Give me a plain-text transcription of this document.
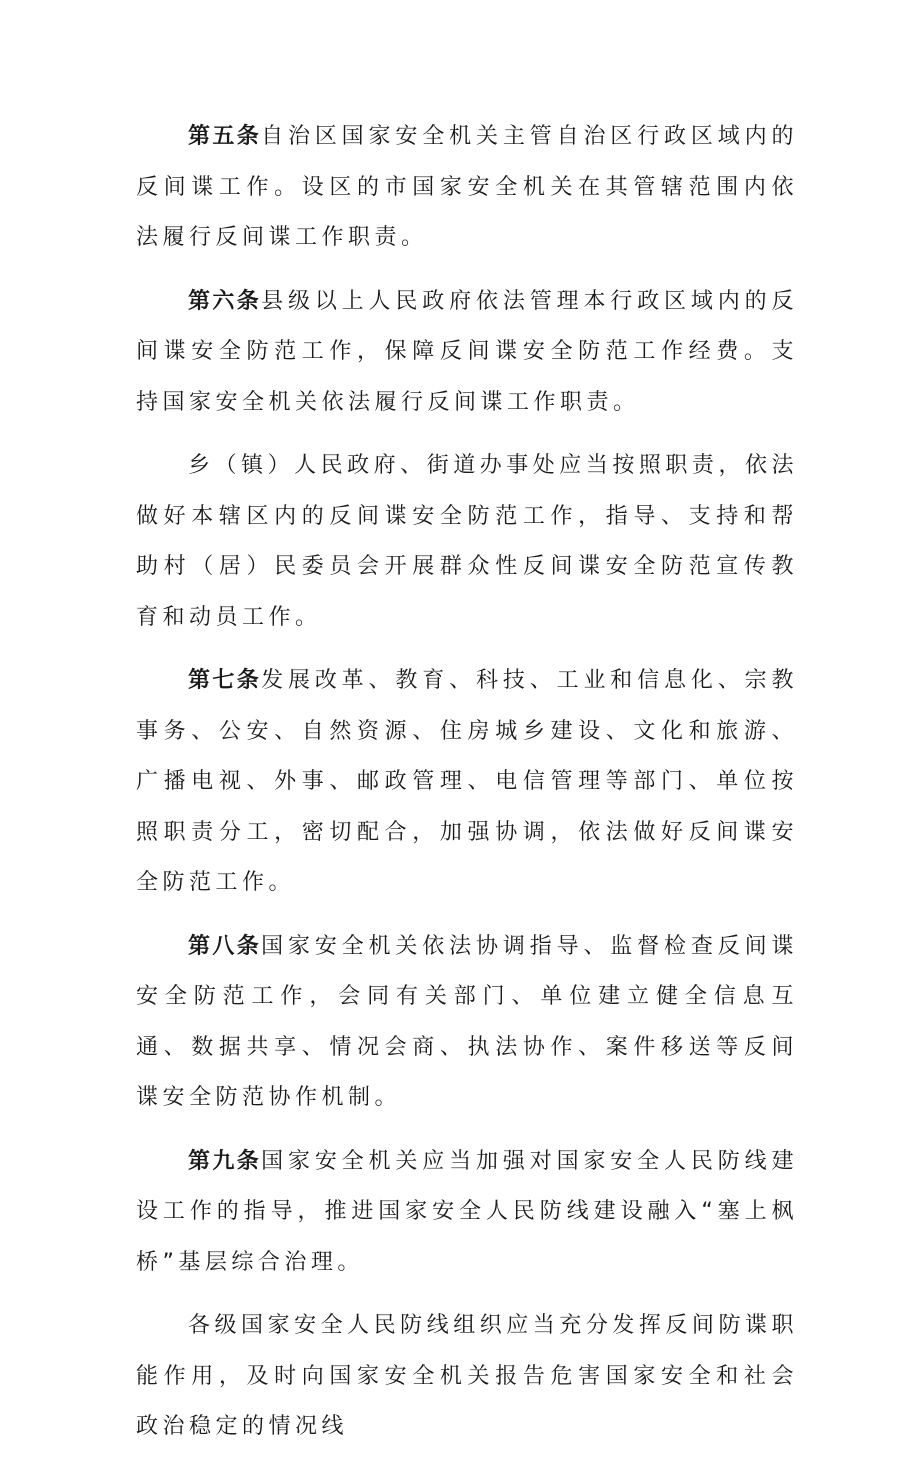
第五条自治区国家安全机关主管自治区行政区域内的反间谍工作。设区的市国家安全机关在其管辖范围内依法履行反间谍工作职责。

第六条县级以上人民政府依法管理本行政区域内的反间谍安全防范工作，保障反间谍安全防范工作经费。支持国家安全机关依法履行反间谍工作职责。

乡（镇）人民政府、街道办事处应当按照职责，依法做好本辖区内的反间谍安全防范工作，指导、支持和帮助村（居）民委员会开展群众性反间谍安全防范宣传教育和动员工作。

第七条发展改革、教育、科技、工业和信息化、宗教事务、公安、自然资源、住房城乡建设、文化和旅游、广播电视、外事、邮政管理、电信管理等部门、单位按照职责分工，密切配合，加强协调，依法做好反间谍安全防范工作。

第八条国家安全机关依法协调指导、监督检查反间谍安全防范工作，会同有关部门、单位建立健全信息互通、数据共享、情况会商、执法协作、案件移送等反间谍安全防范协作机制。

第九条国家安全机关应当加强对国家安全人民防线建设工作的指导，推进国家安全人民防线建设融入“塞上枫桥”基层综合治理。

各级国家安全人民防线组织应当充分发挥反间防谍职能作用，及时向国家安全机关报告危害国家安全和社会政治稳定的情况线
